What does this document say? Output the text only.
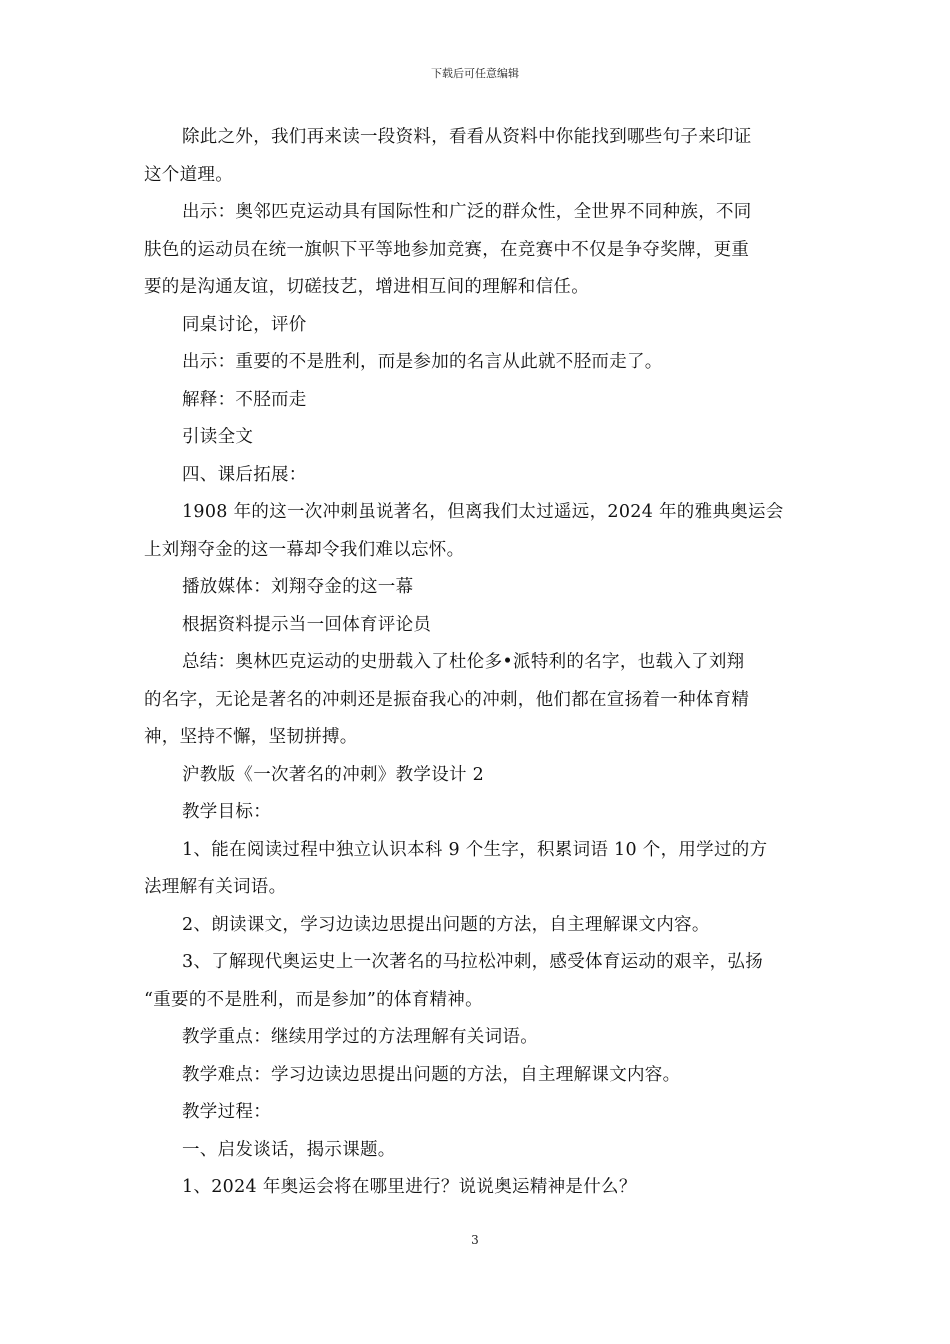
下载后可任意编辑
除此之外，我们再来读一段资料，看看从资料中你能找到哪些句子来印证
这个道理。
出示：奥邻匹克运动具有国际性和广泛的群众性，全世界不同种族，不同
肤色的运动员在统一旗帜下平等地参加竞赛，在竞赛中不仅是争夺奖牌，更重
要的是沟通友谊，切磋技艺，增进相互间的理解和信任。
同桌讨论，评价
出示：重要的不是胜利，而是参加的名言从此就不胫而走了。
解释：不胫而走
引读全文
四、课后拓展：
1908 年的这一次冲刺虽说著名，但离我们太过遥远，2024 年的雅典奥运会
上刘翔夺金的这一幕却令我们难以忘怀。
播放媒体：刘翔夺金的这一幕
根据资料提示当一回体育评论员
总结：奥林匹克运动的史册载入了杜伦多•派特利的名字，也载入了刘翔
的名字，无论是著名的冲刺还是振奋我心的冲刺，他们都在宣扬着一种体育精
神，坚持不懈，坚韧拼搏。
沪教版《一次著名的冲刺》教学设计 2
教学目标：
1、能在阅读过程中独立认识本科 9 个生字，积累词语 10 个，用学过的方
法理解有关词语。
2、朗读课文，学习边读边思提出问题的方法，自主理解课文内容。
3、了解现代奥运史上一次著名的马拉松冲刺，感受体育运动的艰辛，弘扬
“重要的不是胜利，而是参加”的体育精神。
教学重点：继续用学过的方法理解有关词语。
教学难点：学习边读边思提出问题的方法，自主理解课文内容。
教学过程：
一、启发谈话，揭示课题。
1、2024 年奥运会将在哪里进行？说说奥运精神是什么？
3
